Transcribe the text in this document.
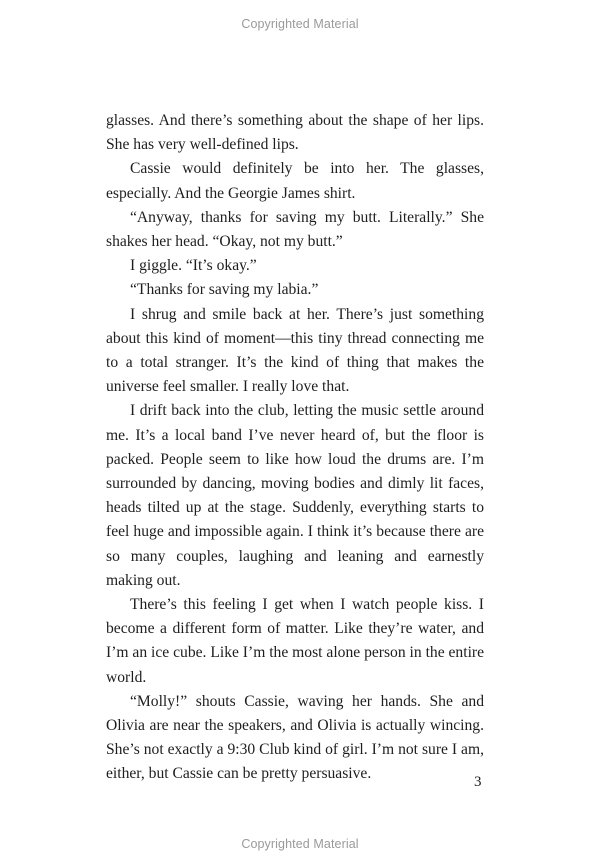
Copyrighted Material

glasses. And there’s something about the shape of her lips. She has very well-defined lips.

Cassie would definitely be into her. The glasses, especially. And the Georgie James shirt.

“Anyway, thanks for saving my butt. Literally.” She shakes her head. “Okay, not my butt.”

I giggle. “It’s okay.”

“Thanks for saving my labia.”

I shrug and smile back at her. There’s just something about this kind of moment—this tiny thread connecting me to a total stranger. It’s the kind of thing that makes the universe feel smaller. I really love that.

I drift back into the club, letting the music settle around me. It’s a local band I’ve never heard of, but the floor is packed. People seem to like how loud the drums are. I’m surrounded by dancing, moving bodies and dimly lit faces, heads tilted up at the stage. Suddenly, everything starts to feel huge and impossible again. I think it’s because there are so many couples, laughing and leaning and earnestly making out.

There’s this feeling I get when I watch people kiss. I become a different form of matter. Like they’re water, and I’m an ice cube. Like I’m the most alone person in the entire world.

“Molly!” shouts Cassie, waving her hands. She and Olivia are near the speakers, and Olivia is actually wincing. She’s not exactly a 9:30 Club kind of girl. I’m not sure I am, either, but Cassie can be pretty persuasive.	3
Copyrighted Material
